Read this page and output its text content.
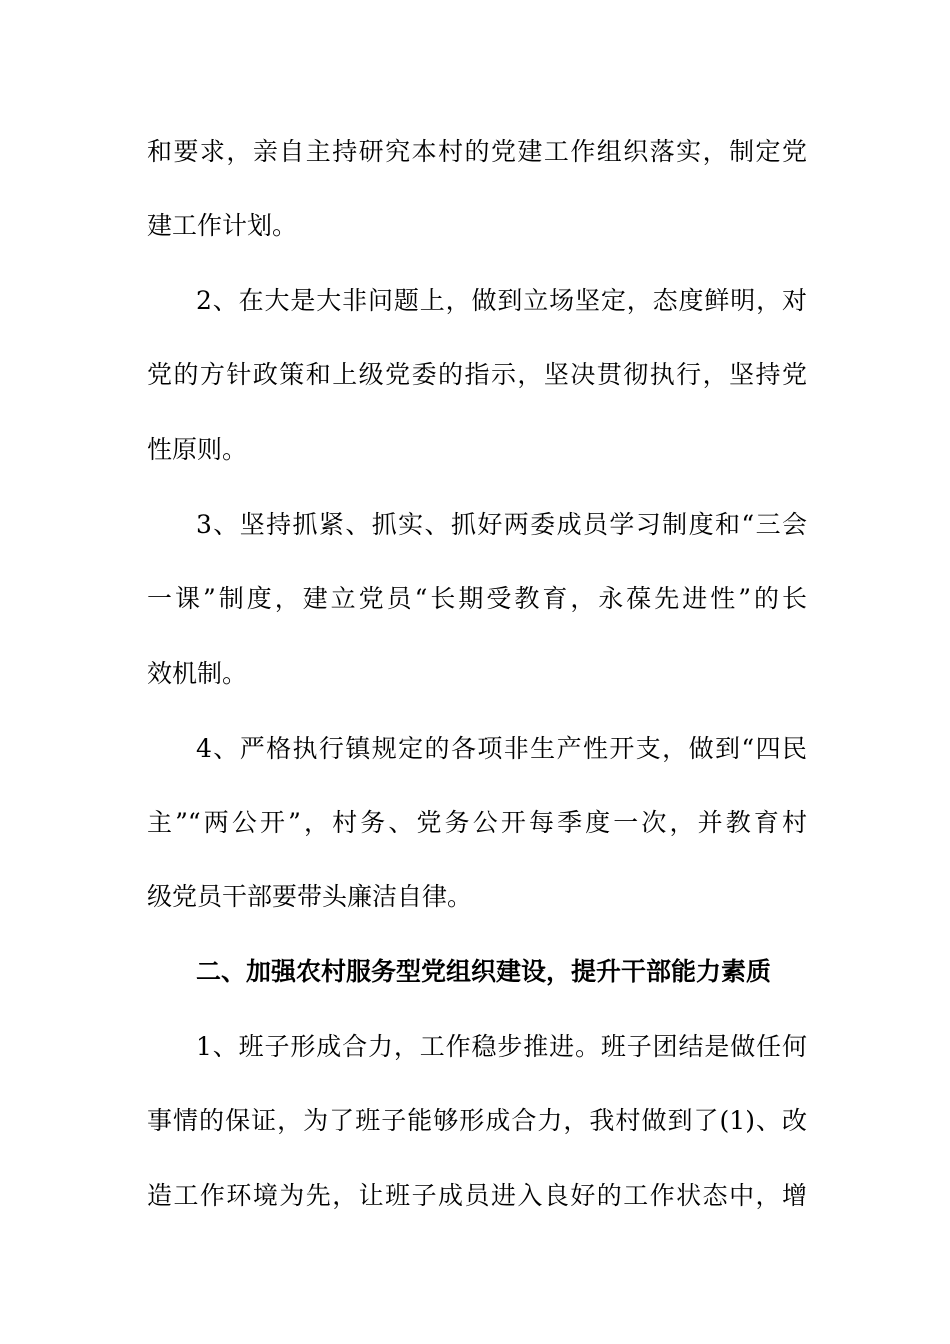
和要求，亲自主持研究本村的党建工作组织落实，制定党
建工作计划。
2、在大是大非问题上，做到立场坚定，态度鲜明，对
党的方针政策和上级党委的指示，坚决贯彻执行，坚持党
性原则。
3、坚持抓紧、抓实、抓好两委成员学习制度和“三会
一课”制度，建立党员“长期受教育，永葆先进性”的长
效机制。
4、严格执行镇规定的各项非生产性开支，做到“四民
主”“两公开”，村务、党务公开每季度一次，并教育村
级党员干部要带头廉洁自律。
二、加强农村服务型党组织建设，提升干部能力素质
1、班子形成合力，工作稳步推进。班子团结是做任何
事情的保证，为了班子能够形成合力，我村做到了(1)、改
造工作环境为先，让班子成员进入良好的工作状态中，增
